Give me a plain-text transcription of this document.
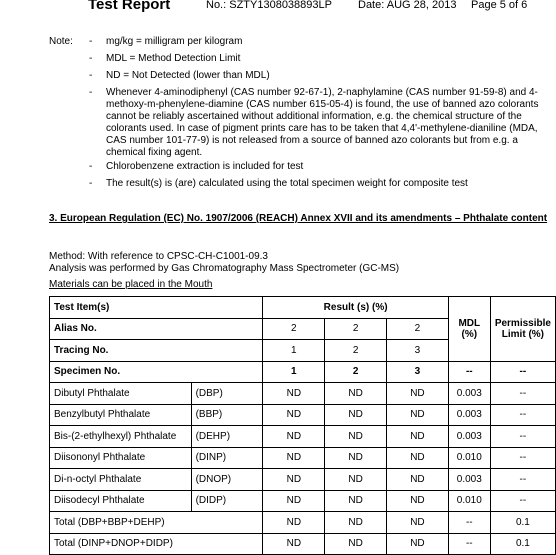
Test Report	No.: SZTY1308038893LP Date: AUG 28, 2013 Page 5 of 6
Note: - mg/kg = milligram per kilogram
- MDL = Method Detection Limit
- ND = Not Detected (lower than MDL)
- Whenever 4-aminodiphenyl (CAS number 92-67-1), 2-naphylamine (CAS number 91-59-8) and 4-methoxy-m-phenylene-diamine (CAS number 615-05-4) is found, the use of banned azo colorants cannot be reliably ascertained without additional information, e.g. the chemical structure of the colorants used. In case of pigment prints care has to be taken that 4,4'-methylene-dianiline (MDA, CAS number 101-77-9) is not released from a source of banned azo colorants but from e.g. a chemical fixing agent.
- Chlorobenzene extraction is included for test
- The result(s) is (are) calculated using the total specimen weight for composite test
3. European Regulation (EC) No. 1907/2006 (REACH) Annex XVII and its amendments – Phthalate content
Method: With reference to CPSC-CH-C1001-09.3
Analysis was performed by Gas Chromatography Mass Spectrometer (GC-MS)
Materials can be placed in the Mouth
Test Item(s)		Result (s) (%)			MDL (%)	Permissible Limit (%)
Alias No.		2	2	2		
Tracing No.		1	2	3		
Specimen No.		1	2	3	--	--
Dibutyl Phthalate	(DBP)	ND	ND	ND	0.003	--
Benzylbutyl Phthalate	(BBP)	ND	ND	ND	0.003	--
Bis-(2-ethylhexyl) Phthalate	(DEHP)	ND	ND	ND	0.003	--
Diisononyl Phthalate	(DINP)	ND	ND	ND	0.010	--
Di-n-octyl Phthalate	(DNOP)	ND	ND	ND	0.003	--
Diisodecyl Phthalate	(DIDP)	ND	ND	ND	0.010	--
Total (DBP+BBP+DEHP)		ND	ND	ND	--	0.1
Total (DINP+DNOP+DIDP)		ND	ND	ND	--	0.1
